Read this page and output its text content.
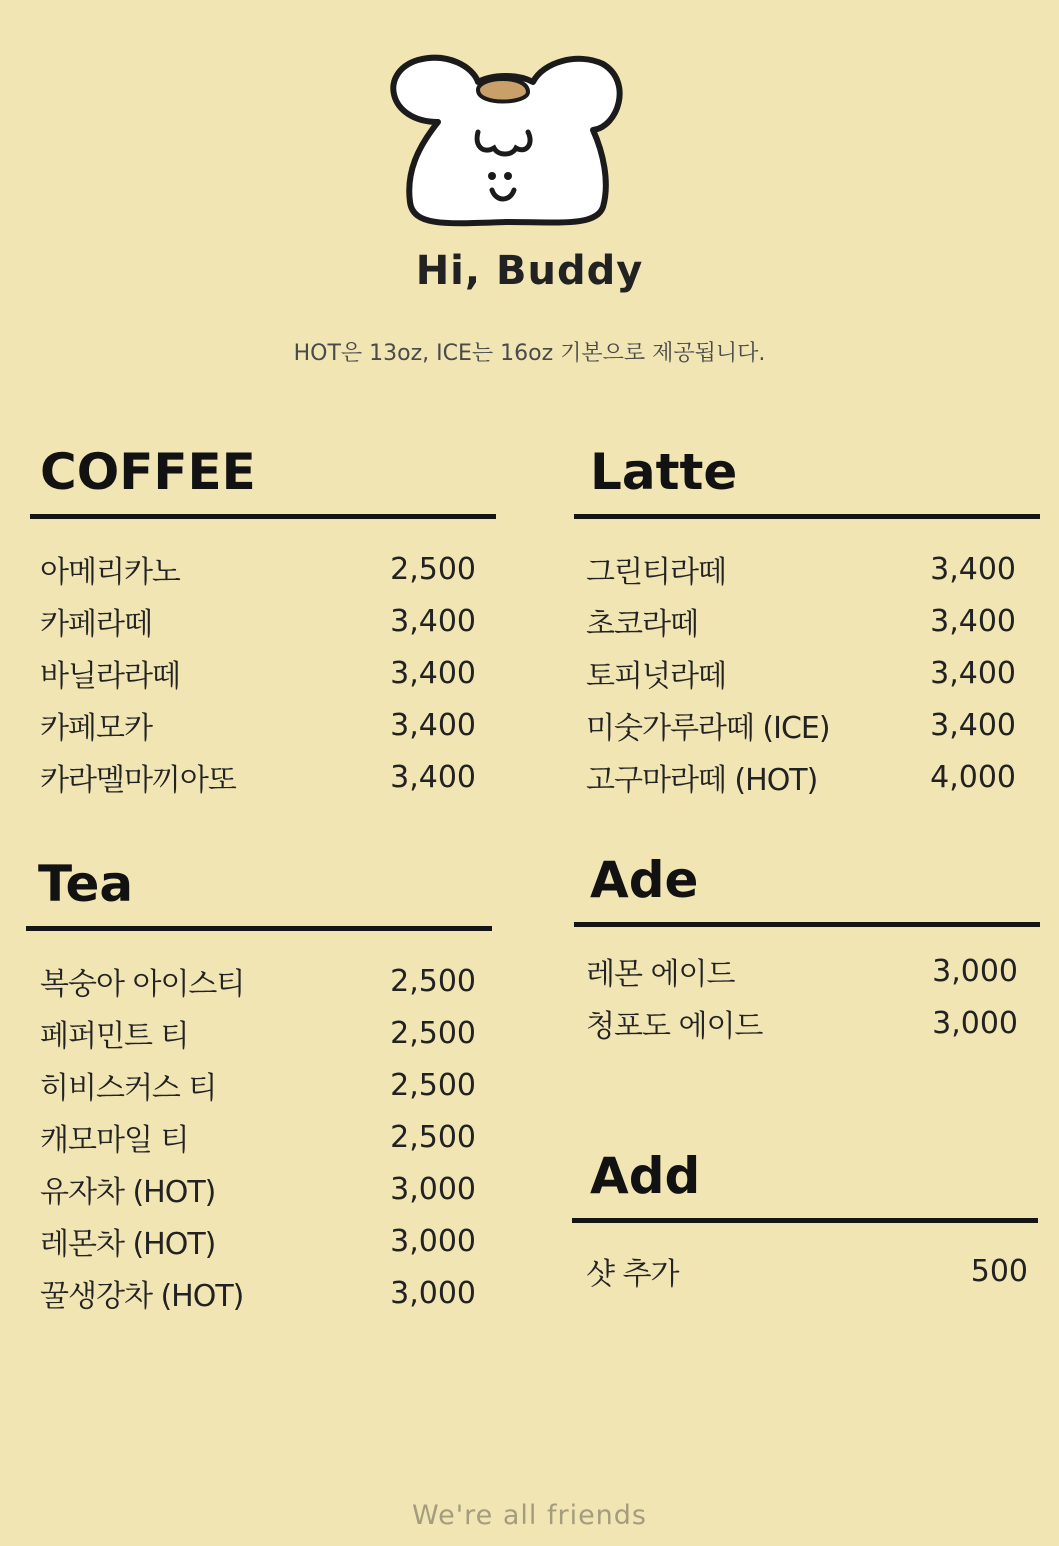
Hi, Buddy
HOT은 13oz, ICE는 16oz 기본으로 제공됩니다.
COFFEE
아메리카노	2,500
카페라떼	3,400
바닐라라떼	3,400
카페모카	3,400
카라멜마끼아또	3,400
Latte
그린티라떼	3,400
초코라떼	3,400
토피넛라떼	3,400
미숫가루라떼 (ICE)	3,400
고구마라떼 (HOT)	4,000
Tea
복숭아 아이스티	2,500
페퍼민트 티	2,500
히비스커스 티	2,500
캐모마일 티	2,500
유자차 (HOT)	3,000
레몬차 (HOT)	3,000
꿀생강차 (HOT)	3,000
Ade
레몬 에이드	3,000
청포도 에이드	3,000
Add
샷 추가	500
We're all friends
